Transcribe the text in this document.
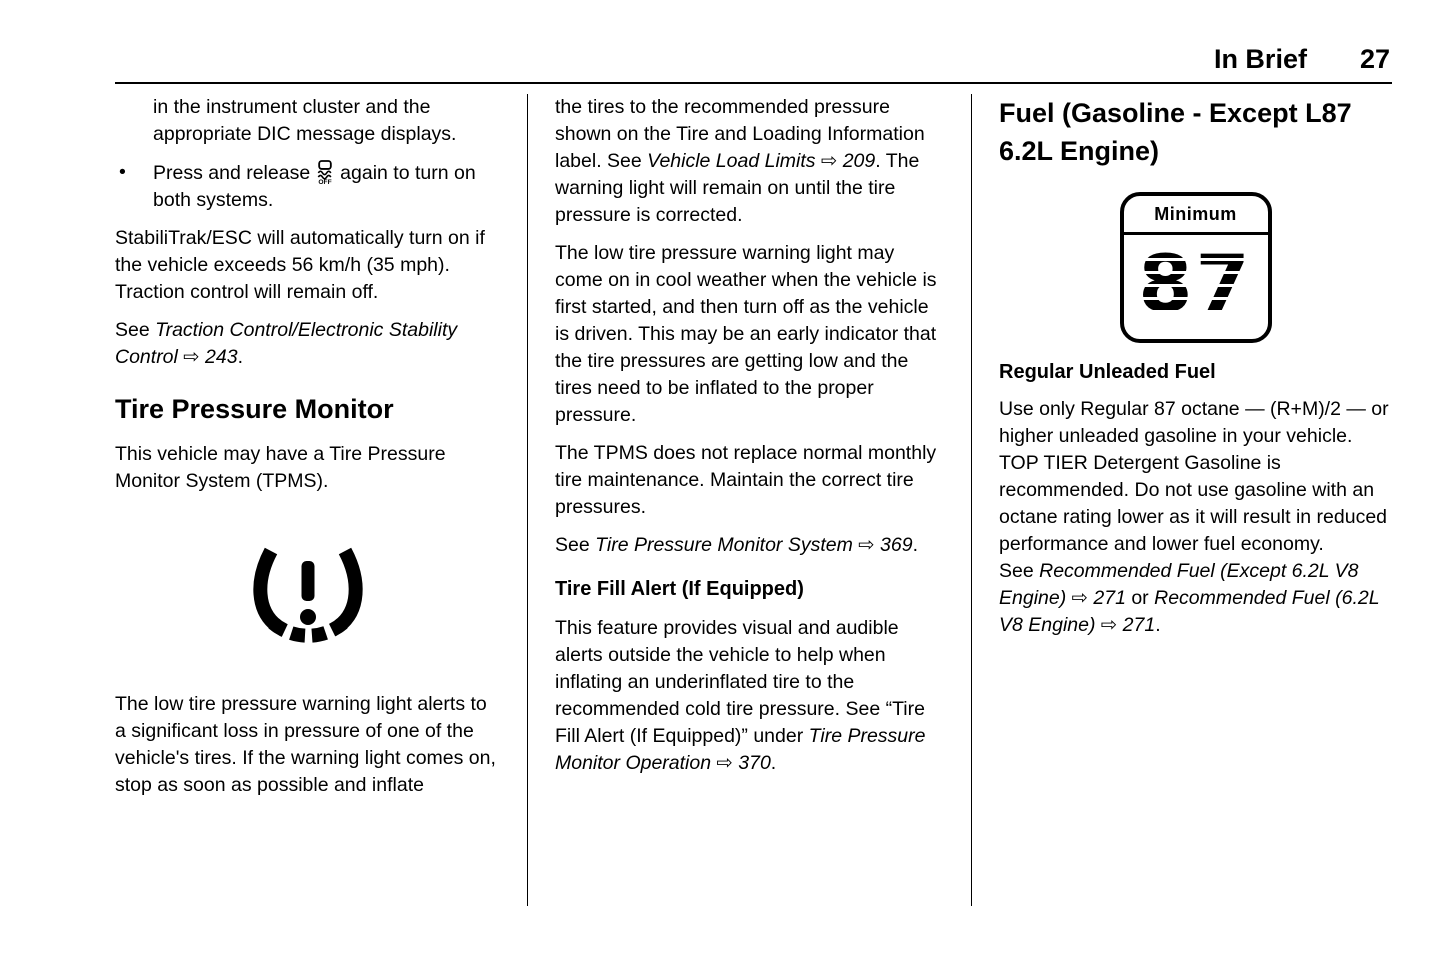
In Brief 27

in the instrument cluster and the appropriate DIC message displays.

•	Press and release OFF again to turn on both systems.

StabiliTrak/ESC will automatically turn on if the vehicle exceeds 56 km/h (35 mph). Traction control will remain off.

See Traction Control/Electronic Stability Control ⇨ 243.

Tire Pressure Monitor

This vehicle may have a Tire Pressure Monitor System (TPMS).

The low tire pressure warning light alerts to a significant loss in pressure of one of the vehicle's tires. If the warning light comes on, stop as soon as possible and inflate

the tires to the recommended pressure shown on the Tire and Loading Information label. See Vehicle Load Limits ⇨ 209. The warning light will remain on until the tire pressure is corrected.

The low tire pressure warning light may come on in cool weather when the vehicle is first started, and then turn off as the vehicle is driven. This may be an early indicator that the tire pressures are getting low and the tires need to be inflated to the proper pressure.

The TPMS does not replace normal monthly tire maintenance. Maintain the correct tire pressures.

See Tire Pressure Monitor System ⇨ 369.

Tire Fill Alert (If Equipped)

This feature provides visual and audible alerts outside the vehicle to help when inflating an underinflated tire to the recommended cold tire pressure. See “Tire Fill Alert (If Equipped)” under Tire Pressure Monitor Operation ⇨ 370.

Fuel (Gasoline - Except L87 6.2L Engine)
Minimum
87
Regular Unleaded Fuel

Use only Regular 87 octane — (R+M)/2 — or higher unleaded gasoline in your vehicle. TOP TIER Detergent Gasoline is recommended. Do not use gasoline with an octane rating lower as it will result in reduced performance and lower fuel economy.

See Recommended Fuel (Except 6.2L V8 Engine) ⇨ 271 or Recommended Fuel (6.2L V8 Engine) ⇨ 271.
